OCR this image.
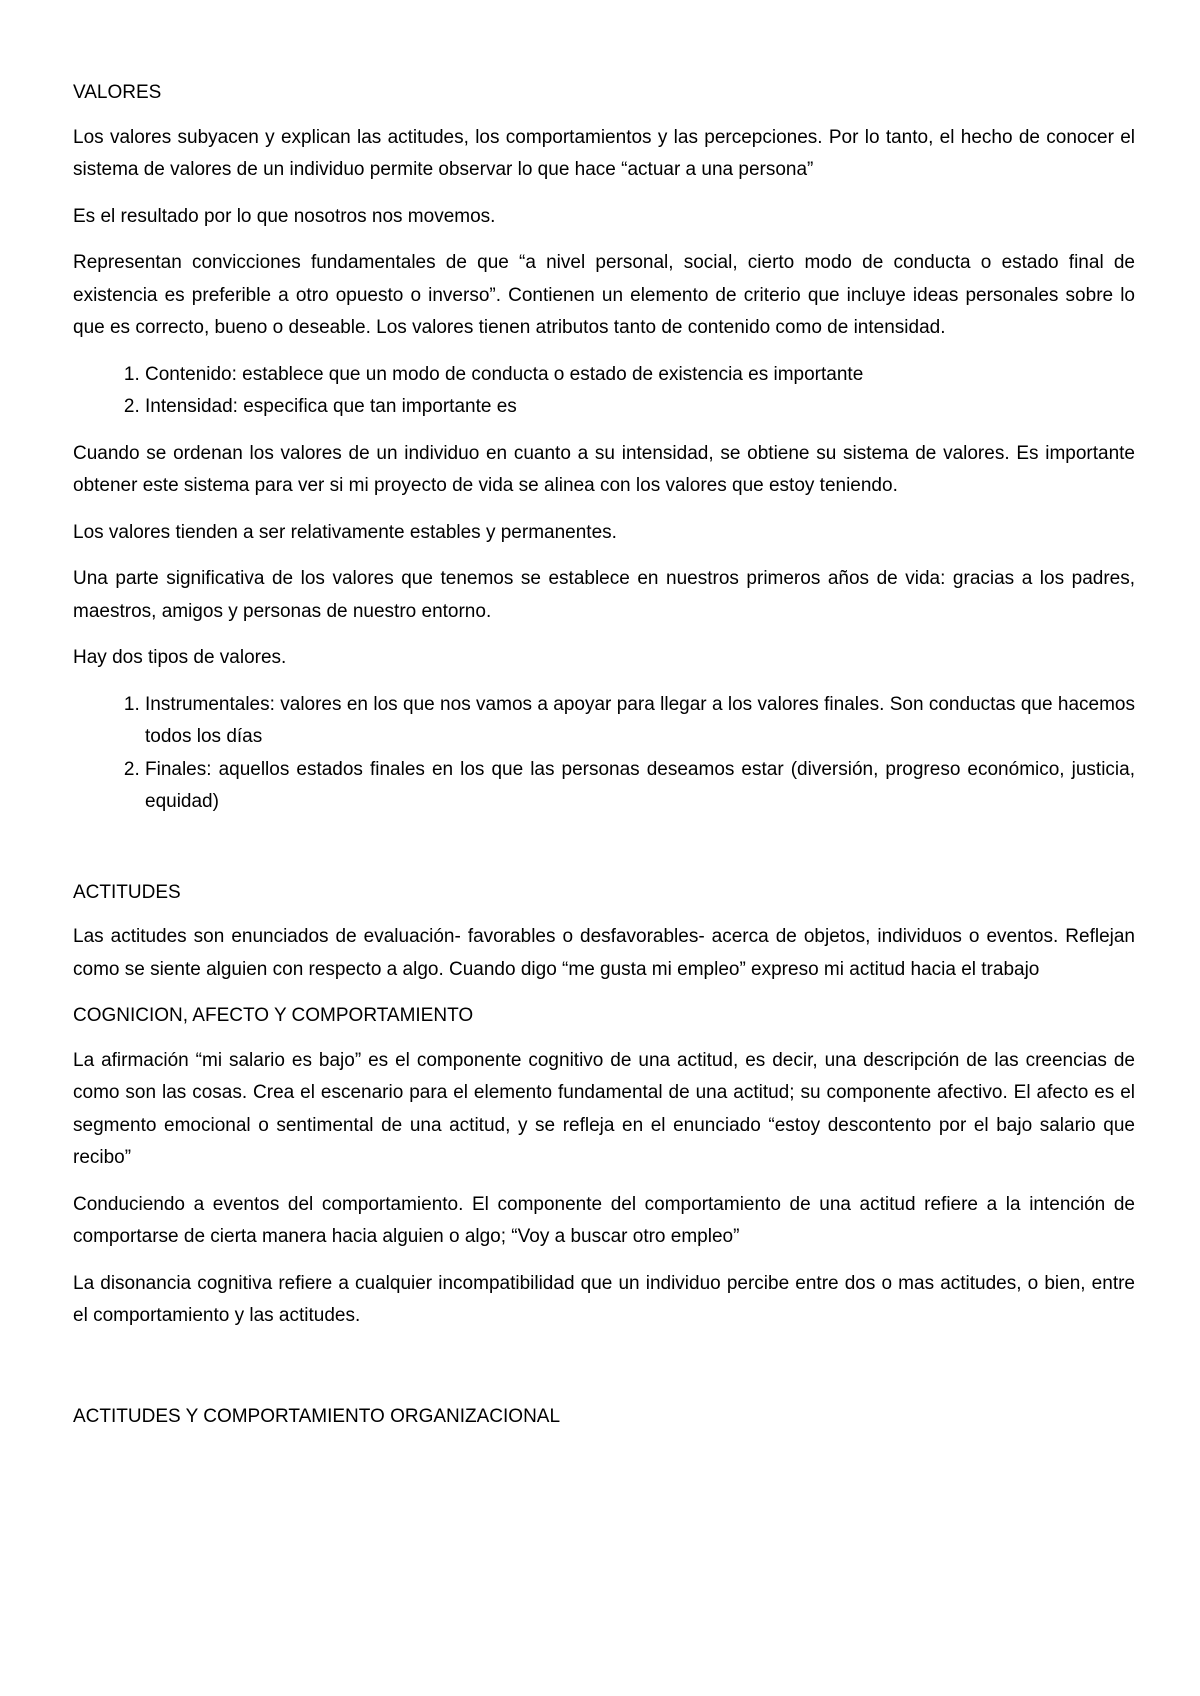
VALORES

Los valores subyacen y explican las actitudes, los comportamientos y las percepciones. Por lo tanto, el hecho de conocer el sistema de valores de un individuo permite observar lo que hace “actuar a una persona”

Es el resultado por lo que nosotros nos movemos.

Representan convicciones fundamentales de que “a nivel personal, social, cierto modo de conducta o estado final de existencia es preferible a otro opuesto o inverso”. Contienen un elemento de criterio que incluye ideas personales sobre lo que es correcto, bueno o deseable. Los valores tienen atributos tanto de contenido como de intensidad.

1. Contenido: establece que un modo de conducta o estado de existencia es importante
2. Intensidad: especifica que tan importante es

Cuando se ordenan los valores de un individuo en cuanto a su intensidad, se obtiene su sistema de valores. Es importante obtener este sistema para ver si mi proyecto de vida se alinea con los valores que estoy teniendo.

Los valores tienden a ser relativamente estables y permanentes.

Una parte significativa de los valores que tenemos se establece en nuestros primeros años de vida: gracias a los padres, maestros, amigos y personas de nuestro entorno.

Hay dos tipos de valores.

1. Instrumentales: valores en los que nos vamos a apoyar para llegar a los valores finales. Son conductas que hacemos todos los días
2. Finales: aquellos estados finales en los que las personas deseamos estar (diversión, progreso económico, justicia, equidad)
ACTITUDES

Las actitudes son enunciados de evaluación- favorables o desfavorables- acerca de objetos, individuos o eventos. Reflejan como se siente alguien con respecto a algo. Cuando digo “me gusta mi empleo” expreso mi actitud hacia el trabajo

COGNICION, AFECTO Y COMPORTAMIENTO

La afirmación “mi salario es bajo” es el componente cognitivo de una actitud, es decir, una descripción de las creencias de como son las cosas. Crea el escenario para el elemento fundamental de una actitud; su componente afectivo. El afecto es el segmento emocional o sentimental de una actitud, y se refleja en el enunciado “estoy descontento por el bajo salario que recibo”

Conduciendo a eventos del comportamiento. El componente del comportamiento de una actitud refiere a la intención de comportarse de cierta manera hacia alguien o algo; “Voy a buscar otro empleo”

La disonancia cognitiva refiere a cualquier incompatibilidad que un individuo percibe entre dos o mas actitudes, o bien, entre el comportamiento y las actitudes.

ACTITUDES Y COMPORTAMIENTO ORGANIZACIONAL
